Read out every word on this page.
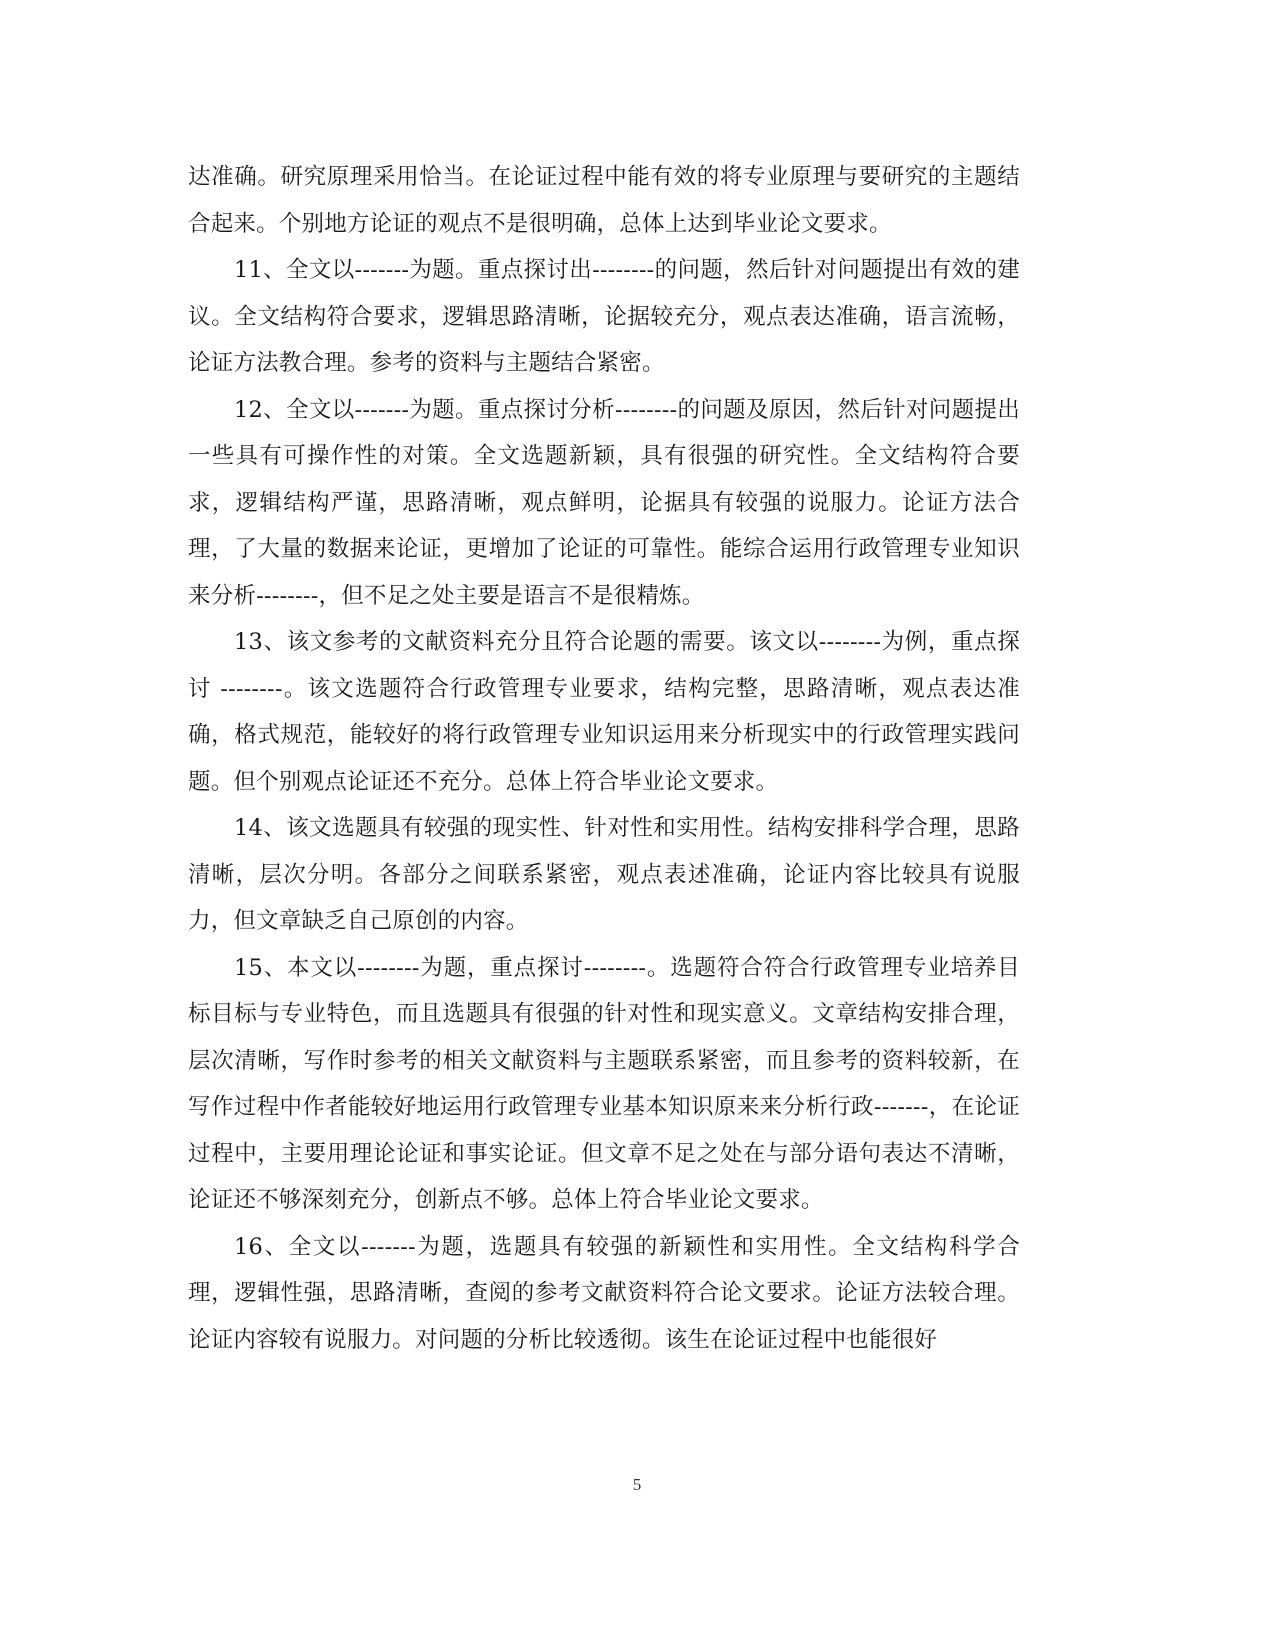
达准确。研究原理采用恰当。在论证过程中能有效的将专业原理与要研究的主题结合起来。个别地方论证的观点不是很明确，总体上达到毕业论文要求。

11、全文以-------为题。重点探讨出--------的问题，然后针对问题提出有效的建议。全文结构符合要求，逻辑思路清晰，论据较充分，观点表达准确，语言流畅，论证方法教合理。参考的资料与主题结合紧密。

12、全文以-------为题。重点探讨分析--------的问题及原因，然后针对问题提出一些具有可操作性的对策。全文选题新颖，具有很强的研究性。全文结构符合要求，逻辑结构严谨，思路清晰，观点鲜明，论据具有较强的说服力。论证方法合理，了大量的数据来论证，更增加了论证的可靠性。能综合运用行政管理专业知识来分析--------，但不足之处主要是语言不是很精炼。

13、该文参考的文献资料充分且符合论题的需要。该文以--------为例，重点探讨 --------。该文选题符合行政管理专业要求，结构完整，思路清晰，观点表达准确，格式规范，能较好的将行政管理专业知识运用来分析现实中的行政管理实践问题。但个别观点论证还不充分。总体上符合毕业论文要求。

14、该文选题具有较强的现实性、针对性和实用性。结构安排科学合理，思路清晰，层次分明。各部分之间联系紧密，观点表述准确，论证内容比较具有说服力，但文章缺乏自己原创的内容。

15、本文以--------为题，重点探讨--------。选题符合符合行政管理专业培养目标目标与专业特色，而且选题具有很强的针对性和现实意义。文章结构安排合理，层次清晰，写作时参考的相关文献资料与主题联系紧密，而且参考的资料较新，在写作过程中作者能较好地运用行政管理专业基本知识原来来分析行政-------，在论证过程中，主要用理论论证和事实论证。但文章不足之处在与部分语句表达不清晰，论证还不够深刻充分，创新点不够。总体上符合毕业论文要求。

16、全文以-------为题，选题具有较强的新颖性和实用性。全文结构科学合理，逻辑性强，思路清晰，查阅的参考文献资料符合论文要求。论证方法较合理。论证内容较有说服力。对问题的分析比较透彻。该生在论证过程中也能很好

5
